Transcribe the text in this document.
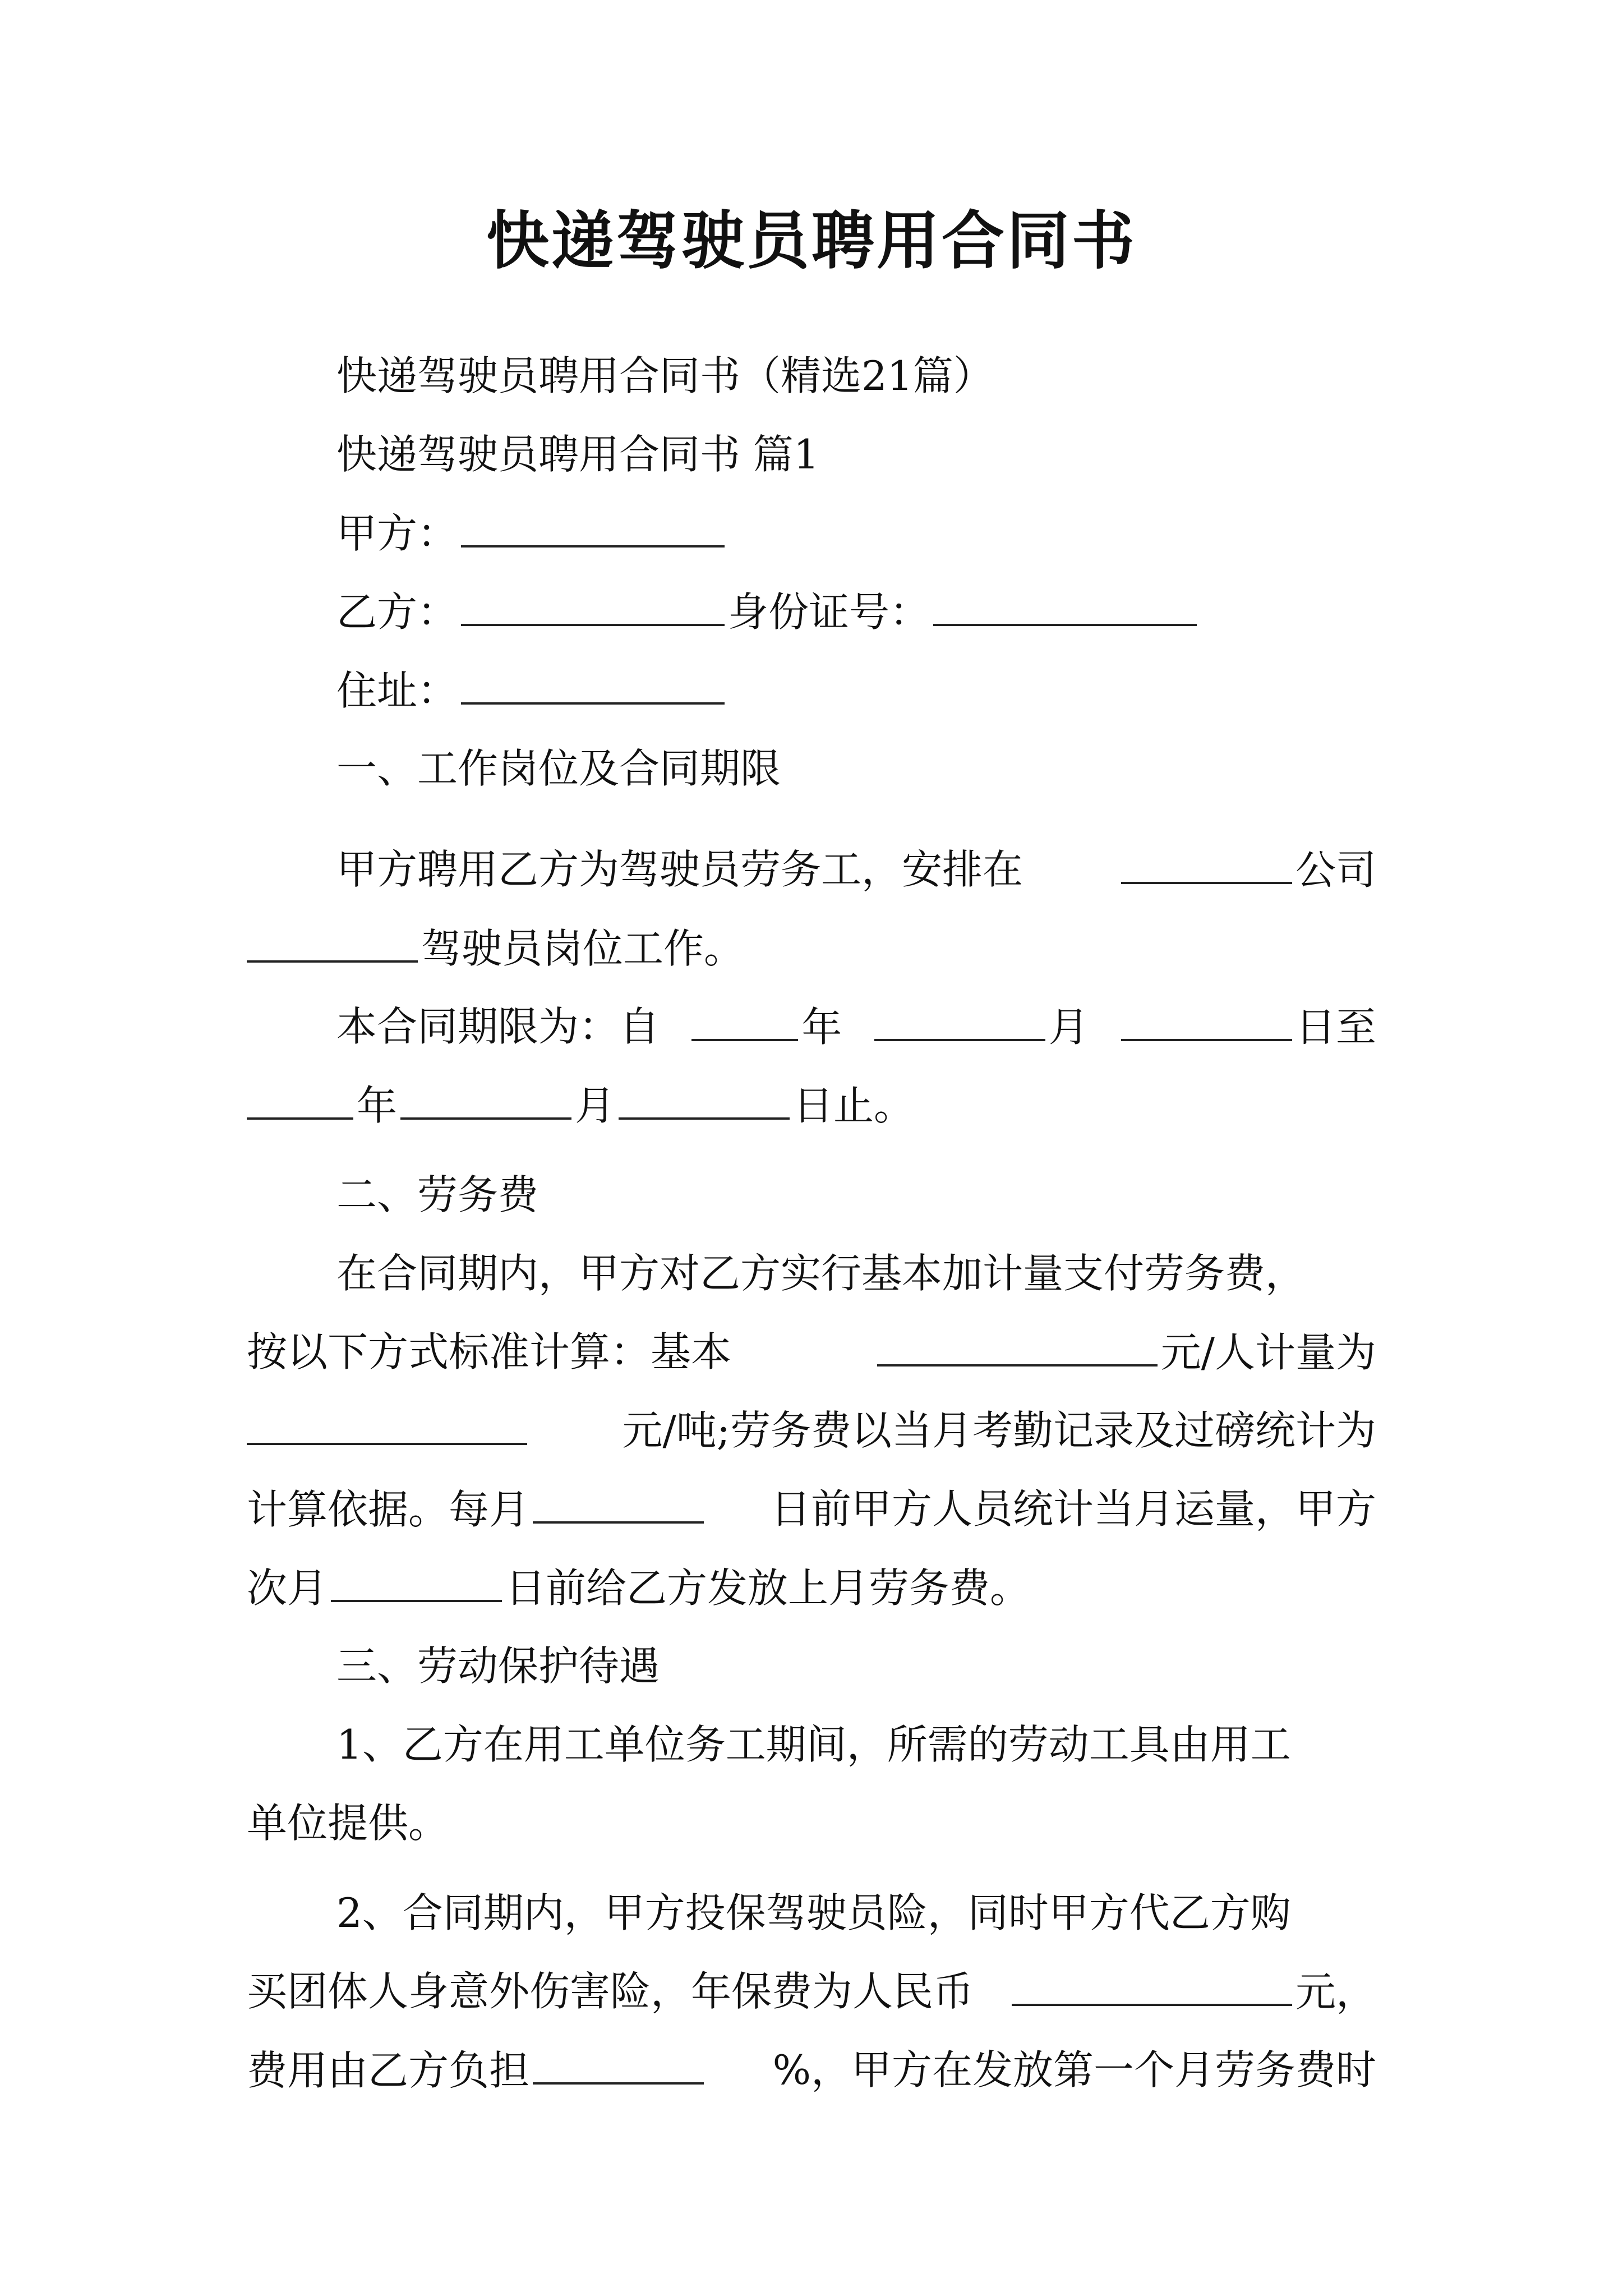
快递驾驶员聘用合同书
快递驾驶员聘用合同书（精选21篇）
快递驾驶员聘用合同书 篇1
甲方：
乙方：	身份证号：
住址：
一、工作岗位及合同期限
甲方聘用乙方为驾驶员劳务工，安排在	公司
驾驶员岗位工作。
本合同期限为：自	年	月	日至
年	月	日止。
二、劳务费
在合同期内，甲方对乙方实行基本加计量支付劳务费，
按以下方式标准计算：基本	元/人计量为
元/吨;劳务费以当月考勤记录及过磅统计为
计算依据。每月	日前甲方人员统计当月运量，甲方
次月	日前给乙方发放上月劳务费。
三、劳动保护待遇
1、乙方在用工单位务工期间，所需的劳动工具由用工
单位提供。
2、合同期内，甲方投保驾驶员险，同时甲方代乙方购
买团体人身意外伤害险，年保费为人民币	元，
费用由乙方负担	%，甲方在发放第一个月劳务费时
